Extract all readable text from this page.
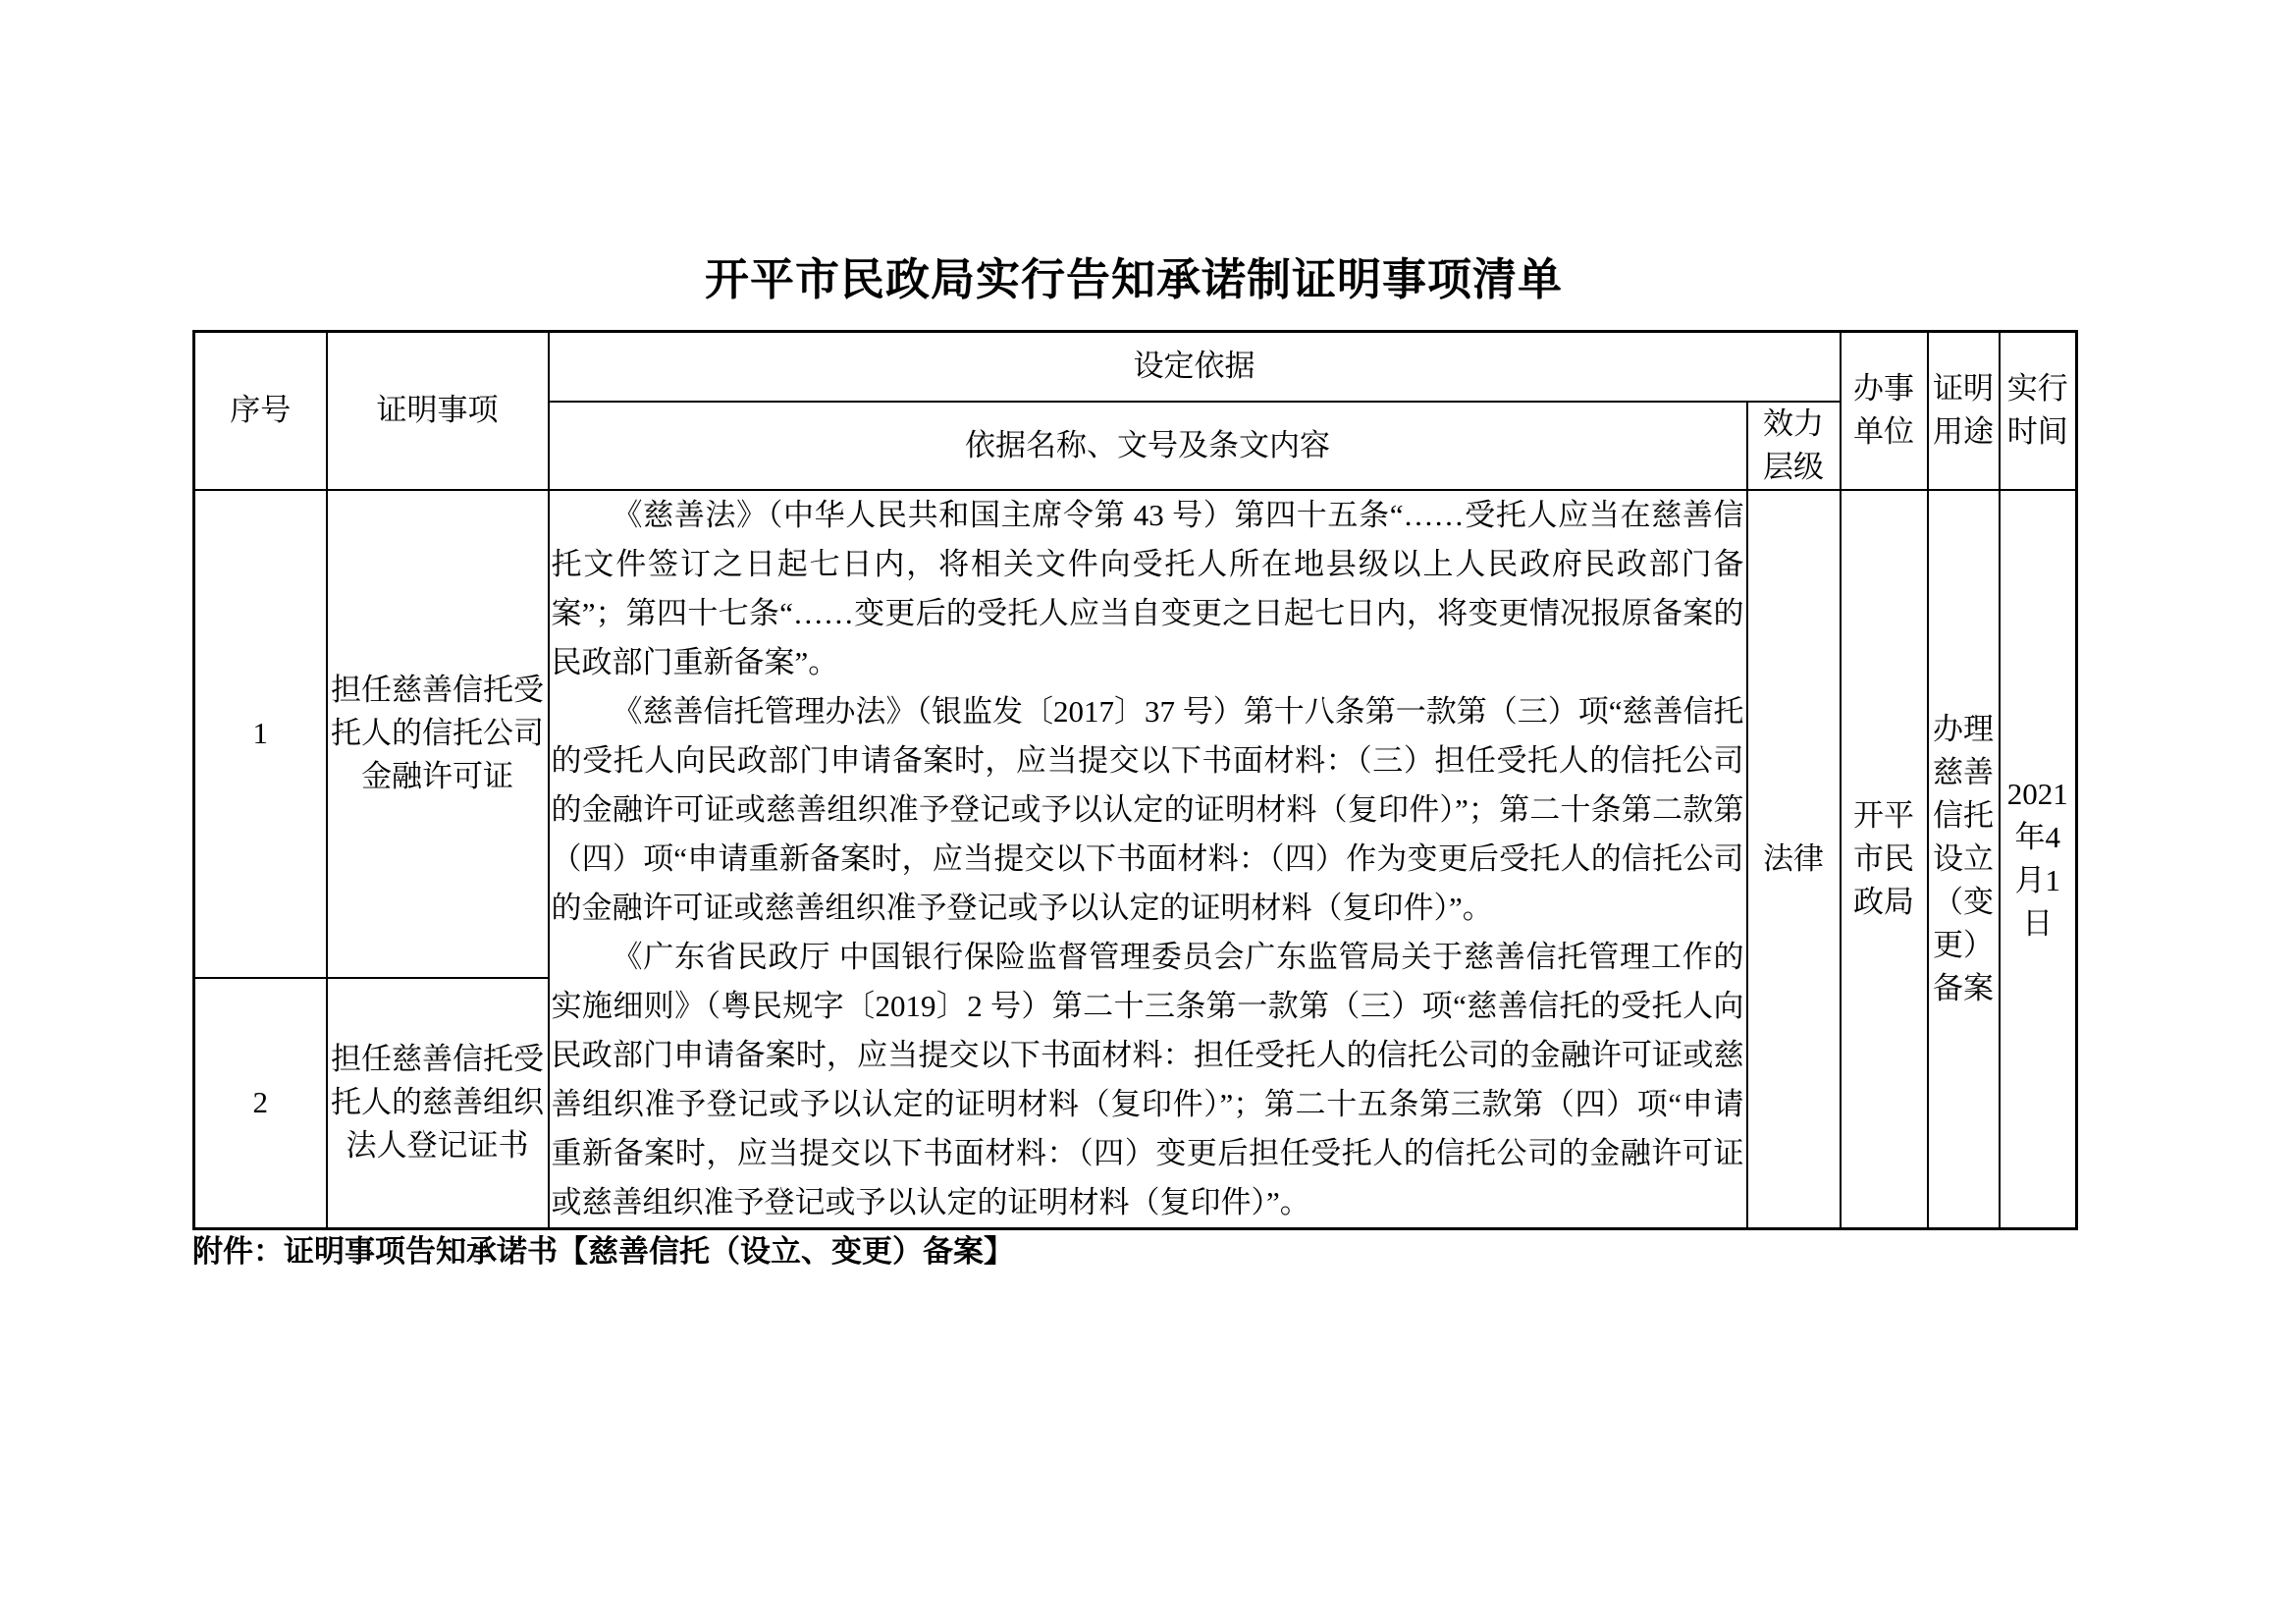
开平市民政局实行告知承诺制证明事项清单
序号	证明事项	设定依据		办事单位	证明用途	实行时间
		依据名称、文号及条文内容	效力层级			
1	担任慈善信托受托人的信托公司金融许可证	《慈善法》（中华人民共和国主席令第 43 号）第四十五条“……受托人应当在慈善信托文件签订之日起七日内，将相关文件向受托人所在地县级以上人民政府民政部门备案”；第四十七条“……变更后的受托人应当自变更之日起七日内，将变更情况报原备案的民政部门重新备案”。

《慈善信托管理办法》（银监发〔2017〕37 号）第十八条第一款第（三）项“慈善信托的受托人向民政部门申请备案时，应当提交以下书面材料：（三）担任受托人的信托公司的金融许可证或慈善组织准予登记或予以认定的证明材料（复印件）”；第二十条第二款第（四）项“申请重新备案时，应当提交以下书面材料：（四）作为变更后受托人的信托公司的金融许可证或慈善组织准予登记或予以认定的证明材料（复印件）”。

《广东省民政厅 中国银行保险监督管理委员会广东监管局关于慈善信托管理工作的实施细则》（粤民规字〔2019〕2 号）第二十三条第一款第（三）项“慈善信托的受托人向民政部门申请备案时，应当提交以下书面材料：担任受托人的信托公司的金融许可证或慈善组织准予登记或予以认定的证明材料（复印件）”；第二十五条第三款第（四）项“申请重新备案时，应当提交以下书面材料：（四）变更后担任受托人的信托公司的金融许可证或慈善组织准予登记或予以认定的证明材料（复印件）”。	法律	开平市民政局	办理慈善信托设立（变更）备案	2021年4月1日
2	担任慈善信托受托人的慈善组织法人登记证书					
附件：证明事项告知承诺书【慈善信托（设立、变更）备案】
